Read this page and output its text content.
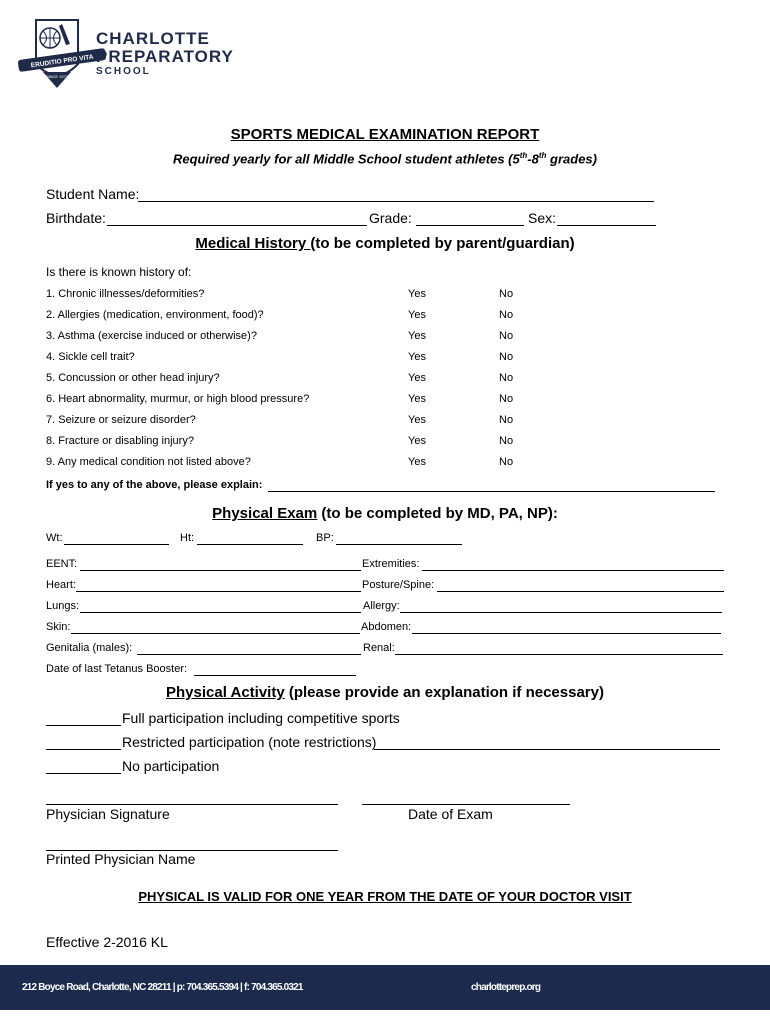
ERUDITIO PRO VITA
SINCE 1971
CHARLOTTE
PREPARATORY
SCHOOL
SPORTS MEDICAL EXAMINATION REPORT
Required yearly for all Middle School student athletes (5th-8th grades)
Student Name:
Birthdate:	Grade:	Sex:
Medical History (to be completed by parent/guardian)
Is there is known history of:
1. Chronic illnesses/deformities?	Yes	No
2. Allergies (medication, environment, food)?	Yes	No
3. Asthma (exercise induced or otherwise)?	Yes	No
4. Sickle cell trait?	Yes	No
5. Concussion or other head injury?	Yes	No
6. Heart abnormality, murmur, or high blood pressure?	Yes	No
7. Seizure or seizure disorder?	Yes	No
8. Fracture or disabling injury?	Yes	No
9. Any medical condition not listed above?	Yes	No
If yes to any of the above, please explain:
Physical Exam (to be completed by MD, PA, NP):
Wt:	Ht:	BP:
EENT:	Extremities:
Heart:	Posture/Spine:
Lungs:	Allergy:
Skin:	Abdomen:
Genitalia (males):	Renal:
Date of last Tetanus Booster:
Physical Activity (please provide an explanation if necessary)
Full participation including competitive sports
Restricted participation (note restrictions)
No participation
Physician Signature	Date of Exam
Printed Physician Name
PHYSICAL IS VALID FOR ONE YEAR FROM THE DATE OF YOUR DOCTOR VISIT
Effective 2-2016 KL
212 Boyce Road, Charlotte, NC 28211 | p: 704.365.5394 | f: 704.365.0321	charlotteprep.org
